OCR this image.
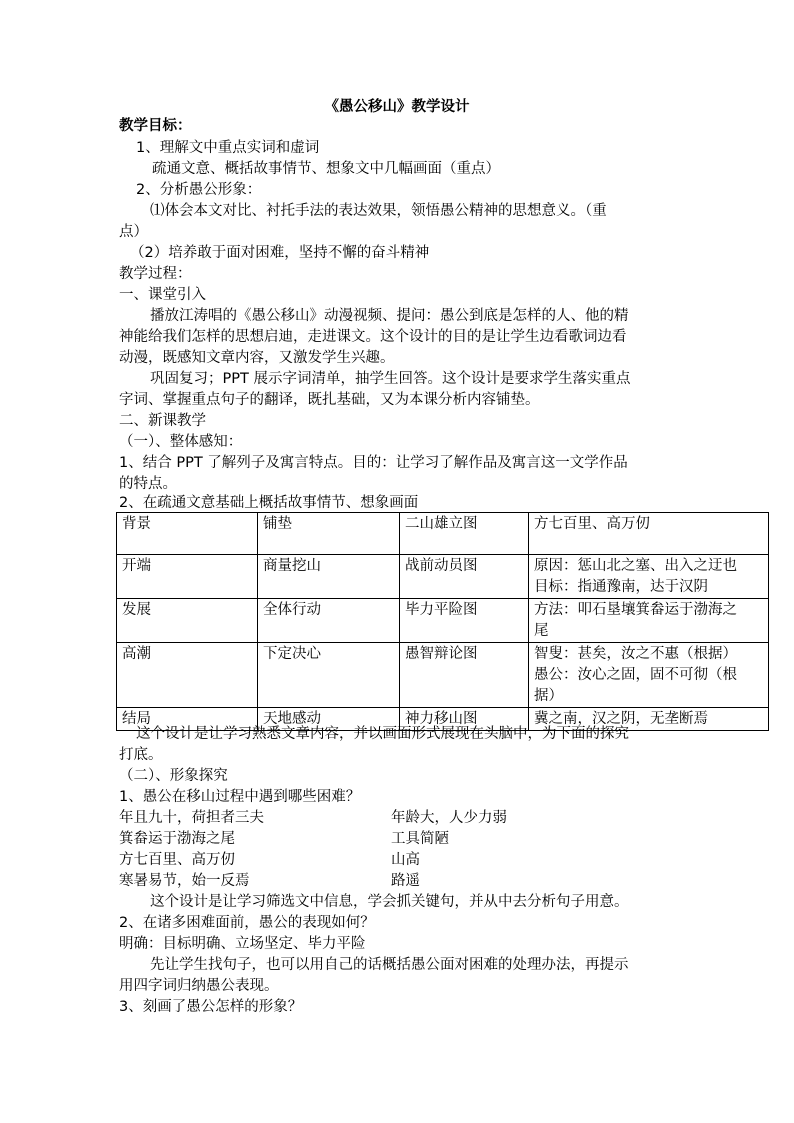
《愚公移山》教学设计
教学目标：
1、理解文中重点实词和虚词
疏通文意、概括故事情节、想象文中几幅画面（重点）
2、分析愚公形象：
⑴体会本文对比、衬托手法的表达效果，领悟愚公精神的思想意义。（重
点）
（2）培养敢于面对困难，坚持不懈的奋斗精神
教学过程：
一、课堂引入
播放江涛唱的《愚公移山》动漫视频、提问：愚公到底是怎样的人、他的精
神能给我们怎样的思想启迪，走进课文。这个设计的目的是让学生边看歌词边看
动漫，既感知文章内容，又激发学生兴趣。
巩固复习；PPT 展示字词清单，抽学生回答。这个设计是要求学生落实重点
字词、掌握重点句子的翻译，既扎基础，又为本课分析内容铺垫。
二、新课教学
（一）、整体感知：
1、结合 PPT 了解列子及寓言特点。目的：让学习了解作品及寓言这一文学作品
的特点。
2、在疏通文意基础上概括故事情节、想象画面
背景	铺垫	二山雄立图	方七百里、高万仞

开端	商量挖山	战前动员图	原因：惩山北之塞、出入之迂也
目标：指通豫南，达于汉阴

发展	全体行动	毕力平险图	方法：叩石垦壤箕畚运于渤海之
尾

高潮	下定决心	愚智辩论图	智叟：甚矣，汝之不惠（根据）
愚公：汝心之固，固不可彻（根
据）

结局	天地感动	神力移山图	冀之南，汉之阴，无垄断焉
这个设计是让学习熟悉文章内容，并以画面形式展现在头脑中，为下面的探究
打底。
（二）、形象探究
1、愚公在移山过程中遇到哪些困难？
年且九十，荷担者三夫	年龄大，人少力弱
箕畚运于渤海之尾	工具简陋
方七百里、高万仞	山高
寒暑易节，始一反焉	路遥
这个设计是让学习筛选文中信息，学会抓关键句，并从中去分析句子用意。
2、在诸多困难面前，愚公的表现如何？
明确：目标明确、立场坚定、毕力平险
先让学生找句子，也可以用自己的话概括愚公面对困难的处理办法，再提示
用四字词归纳愚公表现。
3、刻画了愚公怎样的形象？
